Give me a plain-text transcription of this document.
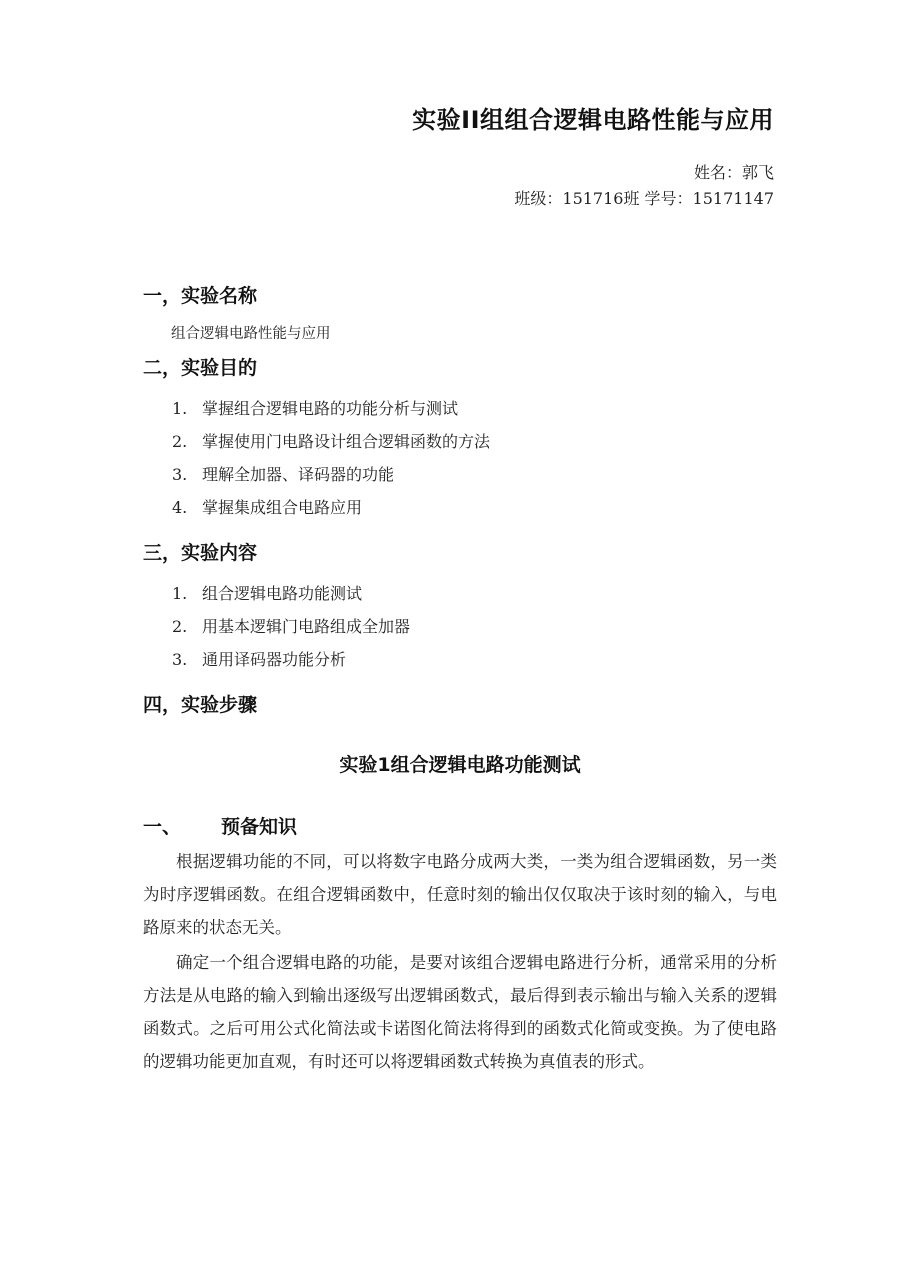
实验II组组合逻辑电路性能与应用
姓名：郭飞
班级：151716班 学号：15171147
一，实验名称
组合逻辑电路性能与应用
二，实验目的
1. 掌握组合逻辑电路的功能分析与测试
2. 掌握使用门电路设计组合逻辑函数的方法
3. 理解全加器、译码器的功能
4. 掌握集成组合电路应用
三，实验内容
1. 组合逻辑电路功能测试
2. 用基本逻辑门电路组成全加器
3. 通用译码器功能分析
四，实验步骤
实验1组合逻辑电路功能测试
一、 预备知识

根据逻辑功能的不同，可以将数字电路分成两大类，一类为组合逻辑函数，另一类为时序逻辑函数。在组合逻辑函数中，任意时刻的输出仅仅取决于该时刻的输入，与电路原来的状态无关。

确定一个组合逻辑电路的功能，是要对该组合逻辑电路进行分析，通常采用的分析方法是从电路的输入到输出逐级写出逻辑函数式，最后得到表示输出与输入关系的逻辑函数式。之后可用公式化简法或卡诺图化简法将得到的函数式化简或变换。为了使电路的逻辑功能更加直观，有时还可以将逻辑函数式转换为真值表的形式。
